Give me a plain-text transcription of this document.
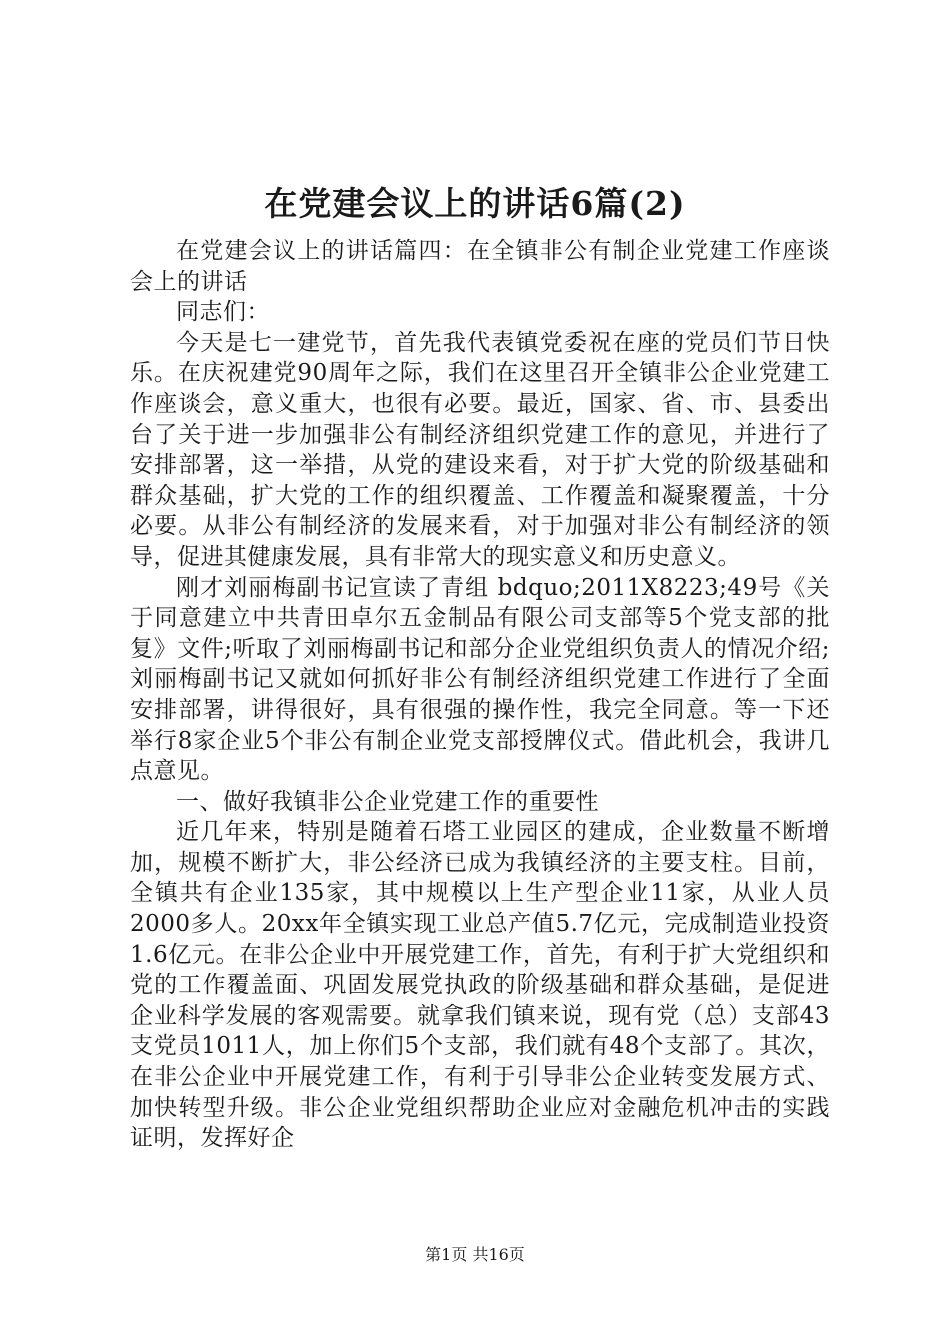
在党建会议上的讲话6篇(2)

在党建会议上的讲话篇四：在全镇非公有制企业党建工作座谈会上的讲话

同志们：

今天是七一建党节，首先我代表镇党委祝在座的党员们节日快乐。在庆祝建党90周年之际，我们在这里召开全镇非公企业党建工作座谈会，意义重大，也很有必要。最近，国家、省、市、县委出台了关于进一步加强非公有制经济组织党建工作的意见，并进行了安排部署，这一举措，从党的建设来看，对于扩大党的阶级基础和群众基础，扩大党的工作的组织覆盖、工作覆盖和凝聚覆盖，十分必要。从非公有制经济的发展来看，对于加强对非公有制经济的领导，促进其健康发展，具有非常大的现实意义和历史意义。

刚才刘丽梅副书记宣读了青组 bdquo;2011X8223;49号《关于同意建立中共青田卓尔五金制品有限公司支部等5个党支部的批复》文件;听取了刘丽梅副书记和部分企业党组织负责人的情况介绍;刘丽梅副书记又就如何抓好非公有制经济组织党建工作进行了全面安排部署，讲得很好，具有很强的操作性，我完全同意。等一下还举行8家企业5个非公有制企业党支部授牌仪式。借此机会，我讲几点意见。

一、做好我镇非公企业党建工作的重要性

近几年来，特别是随着石塔工业园区的建成，企业数量不断增加，规模不断扩大，非公经济已成为我镇经济的主要支柱。目前，全镇共有企业135家，其中规模以上生产型企业11家，从业人员2000多人。20xx年全镇实现工业总产值5.7亿元，完成制造业投资1.6亿元。在非公企业中开展党建工作，首先，有利于扩大党组织和党的工作覆盖面、巩固发展党执政的阶级基础和群众基础，是促进企业科学发展的客观需要。就拿我们镇来说，现有党（总）支部43支党员1011人，加上你们5个支部，我们就有48个支部了。其次，在非公企业中开展党建工作，有利于引导非公企业转变发展方式、加快转型升级。非公企业党组织帮助企业应对金融危机冲击的实践证明，发挥好企

第1页 共16页
